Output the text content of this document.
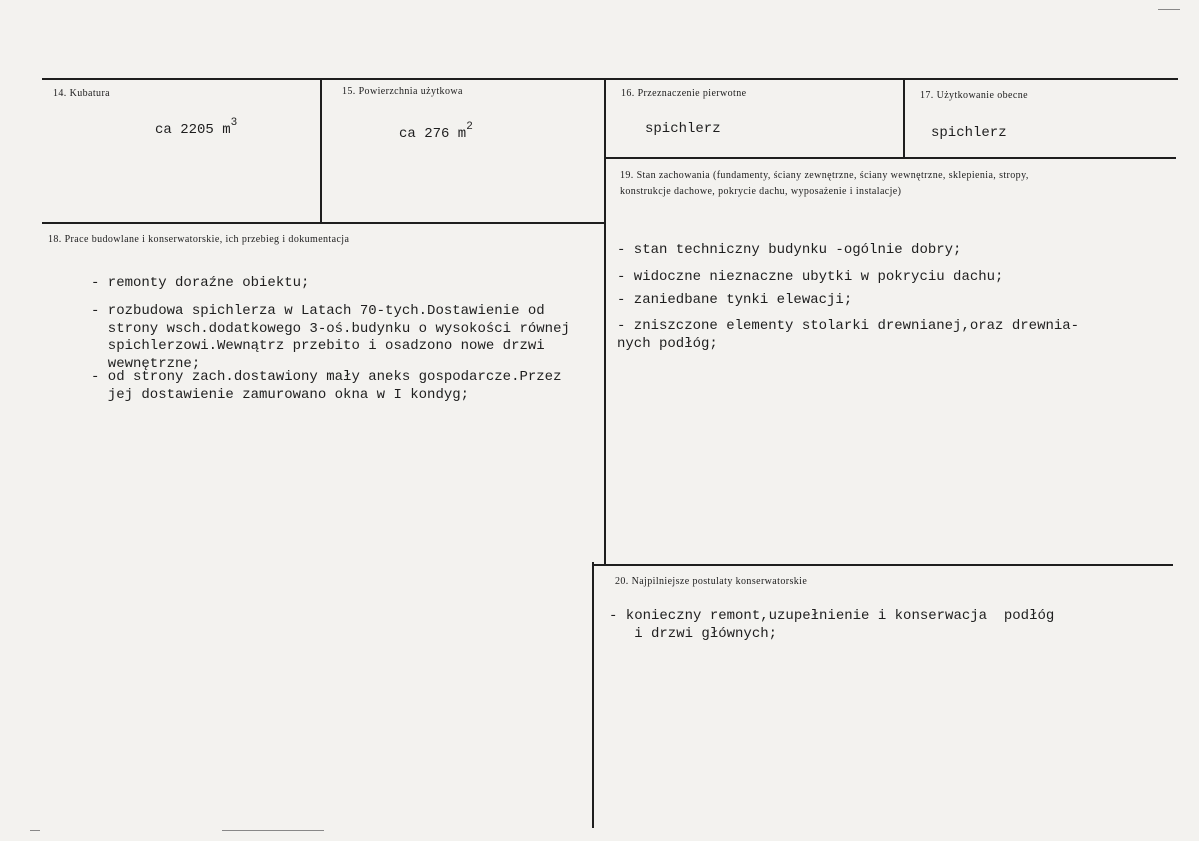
14. Kubatura
ca 2205 $m^3$
15. Powierzchnia użytkowa
ca 276 $m^2$
16. Przeznaczenie pierwotne
spichlerz
17. Użytkowanie obecne
spichlerz
19. Stan zachowania (fundamenty, ściany zewnętrzne, ściany wewnętrzne, sklepienia, stropy,
konstrukcje dachowe, pokrycie dachu, wyposażenie i instalacje)
- stan techniczny budynku -ogólnie dobry;
- widoczne nieznaczne ubytki w pokryciu dachu;
- zaniedbane tynki elewacji;
- zniszczone elementy stolarki drewnianej,oraz drewnia-
nych podłóg;
18. Prace budowlane i konserwatorskie, ich przebieg i dokumentacja
- remonty doraźne obiektu;
- rozbudowa spichlerza w Latach 70-tych.Dostawienie od
strony wsch.dodatkowego 3-oś.budynku o wysokości równej
spichlerzowi.Wewnątrz przebito i osadzono nowe drzwi
wewnętrzne;
- od strony zach.dostawiony mały aneks gospodarcze.Przez
jej dostawienie zamurowano okna w I kondyg;
20. Najpilniejsze postulaty konserwatorskie
- konieczny remont,uzupełnienie i konserwacja  podłóg
i drzwi głównych;
